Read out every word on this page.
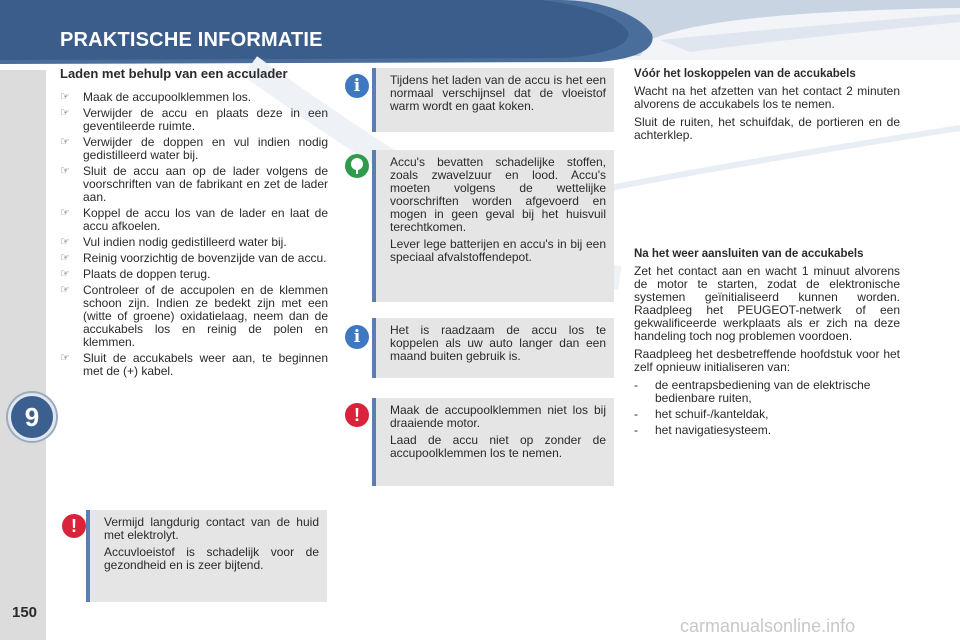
PRAKTISCHE INFORMATIE
9
150
Laden met behulp van een acculader
☞ Maak de accupoolklemmen los.
☞ Verwijder de accu en plaats deze in een geventileerde ruimte.
☞ Verwijder de doppen en vul indien nodig gedistilleerd water bij.
☞ Sluit de accu aan op de lader volgens de voorschriften van de fabrikant en zet de lader aan.
☞ Koppel de accu los van de lader en laat de accu afkoelen.
☞ Vul indien nodig gedistilleerd water bij.
☞ Reinig voorzichtig de bovenzijde van de accu.
☞ Plaats de doppen terug.
☞ Controleer of de accupolen en de klemmen schoon zijn. Indien ze bedekt zijn met een (witte of groene) oxidatielaag, neem dan de accukabels los en reinig de polen en klemmen.
☞ Sluit de accukabels weer aan, te beginnen met de (+) kabel.

Vermijd langdurig contact van de huid met elektrolyt.

Accuvloeistof is schadelijk voor de gezondheid en is zeer bijtend.

!

Tijdens het laden van de accu is het een normaal verschijnsel dat de vloeistof warm wordt en gaat koken.

i

Accu's bevatten schadelijke stoffen, zoals zwavelzuur en lood. Accu's moeten volgens de wettelijke voorschriften worden afgevoerd en mogen in geen geval bij het huisvuil terechtkomen.

Lever lege batterijen en accu's in bij een speciaal afvalstoffendepot.

Het is raadzaam de accu los te koppelen als uw auto langer dan een maand buiten gebruik is.

i

Maak de accupoolklemmen niet los bij draaiende motor.

Laad de accu niet op zonder de accupoolklemmen los te nemen.

!
Vóór het loskoppelen van de accukabels

Wacht na het afzetten van het contact 2 minuten alvorens de accukabels los te nemen.

Sluit de ruiten, het schuifdak, de portieren en de achterklep.

Na het weer aansluiten van de accukabels

Zet het contact aan en wacht 1 minuut alvorens de motor te starten, zodat de elektronische systemen geïnitialiseerd kunnen worden. Raadpleeg het PEUGEOT-netwerk of een gekwalificeerde werkplaats als er zich na deze handeling toch nog problemen voordoen.

Raadpleeg het desbetreffende hoofdstuk voor het zelf opnieuw initialiseren van:

- de eentrapsbediening van de elektrische bedienbare ruiten,
- het schuif-/kanteldak,
- het navigatiesysteem.
carmanualsonline.info
